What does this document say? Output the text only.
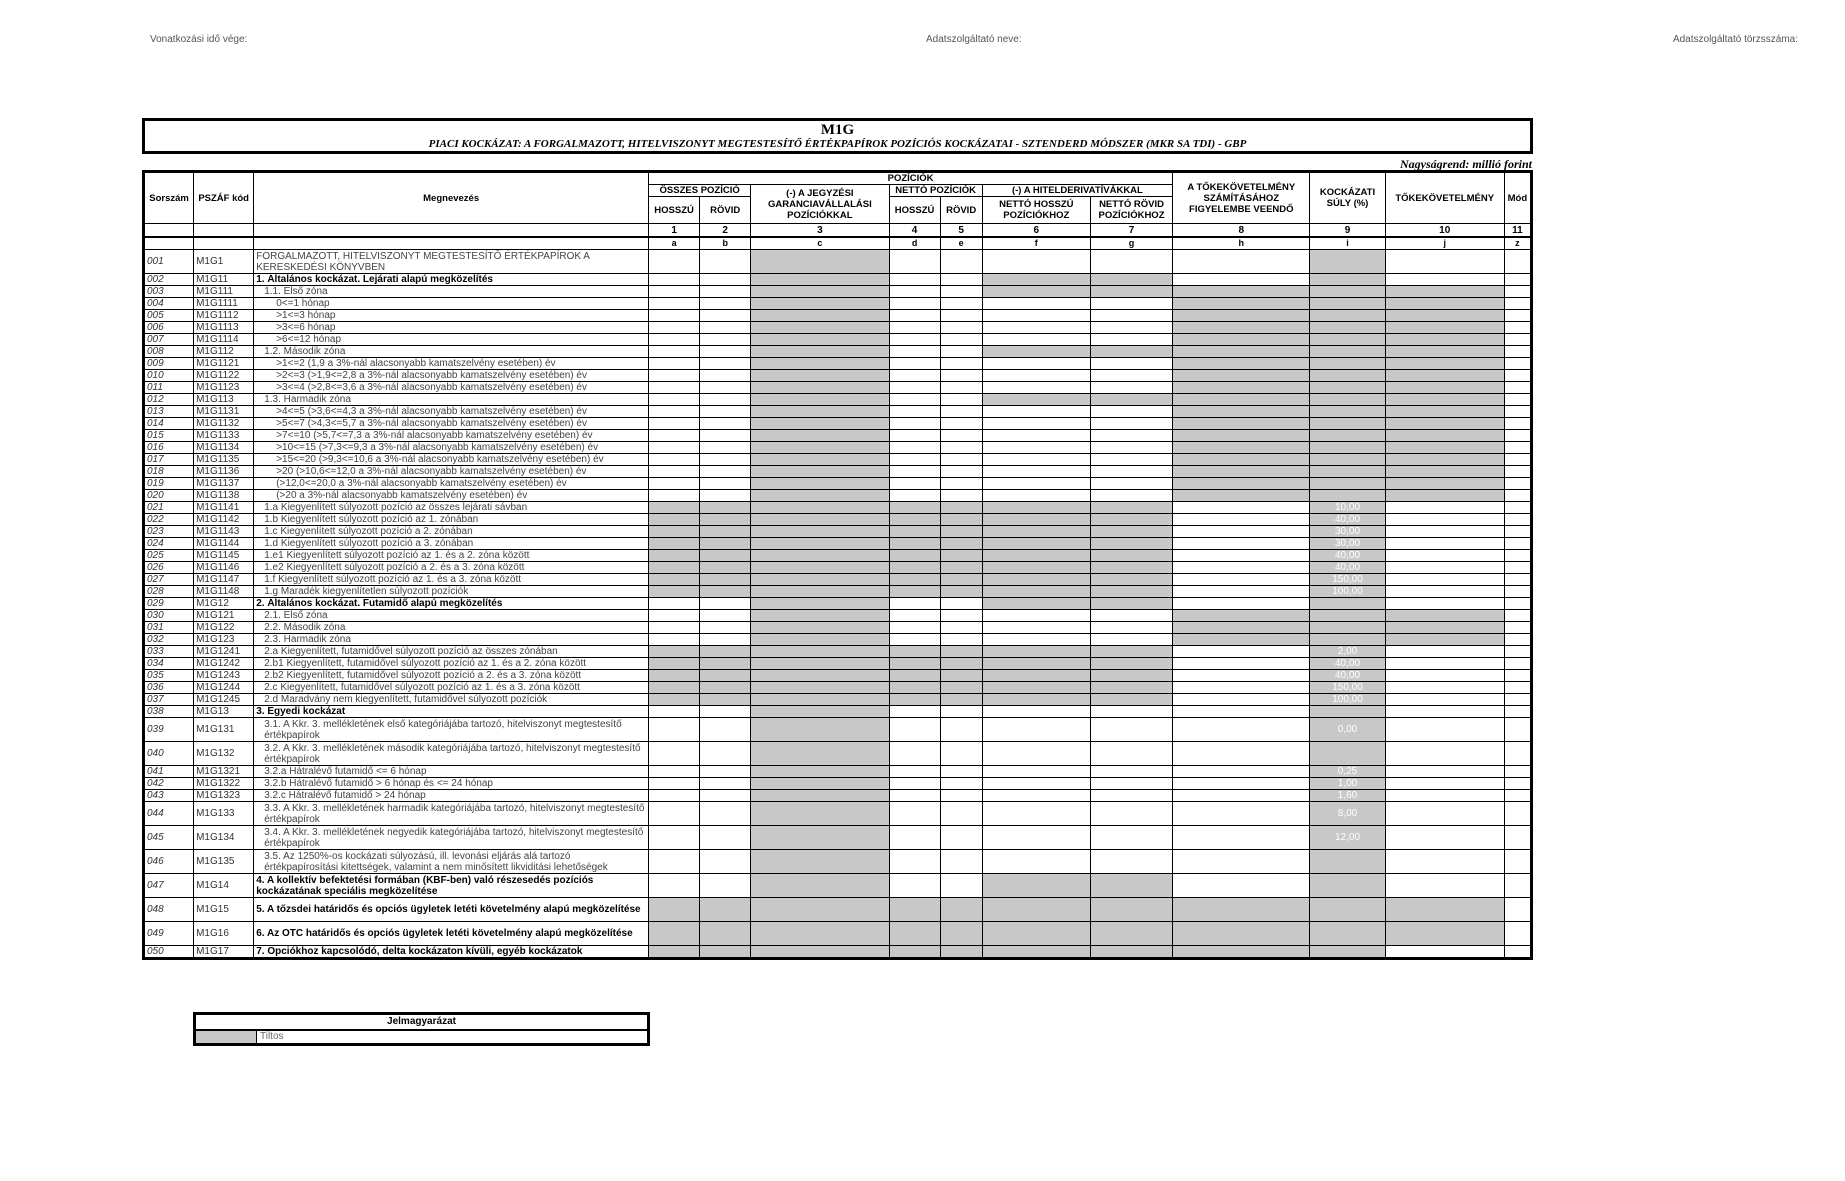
Vonatkozási idő vége:	Adatszolgáltató neve:	Adatszolgáltató törzsszáma:
M1G
PIACI KOCKÁZAT: A FORGALMAZOTT, HITELVISZONYT MEGTESTESÍTŐ ÉRTÉKPAPÍROK POZÍCIÓS KOCKÁZATAI - SZTENDERD MÓDSZER (MKR SA TDI) - GBP
Nagyságrend: millió forint
Sorszám	PSZÁF kód	Megnevezés	POZÍCIÓK							A TŐKEKÖVETELMÉNY SZÁMÍTÁSÁHOZ FIGYELEMBE VEENDŐ	KOCKÁZATI SÚLY (%)	TŐKEKÖVETELMÉNY	Mód
			ÖSSZES POZÍCIÓ		(-) A JEGYZÉSI GARANCIAVÁLLALÁSI POZÍCIÓKKAL	NETTÓ POZÍCIÓK		(-) A HITELDERIVATÍVÁKKAL					
			HOSSZÚ	RÖVID		HOSSZÚ	RÖVID	NETTÓ HOSSZÚ POZÍCIÓKHOZ	NETTÓ RÖVID POZÍCIÓKHOZ				
			1	2	3	4	5	6	7	8	9	10	11
			a	b	c	d	e	f	g	h	i	j	z
001	M1G1	FORGALMAZOTT, HITELVISZONYT MEGTESTESÍTŐ ÉRTÉKPAPÍROK A KERESKEDÉSI KÖNYVBEN											
002	M1G11	1. Általános kockázat. Lejárati alapú megközelítés											
003	M1G111	1.1. Első zóna											
004	M1G1111	0<=1 hónap											
005	M1G1112	>1<=3 hónap											
006	M1G1113	>3<=6 hónap											
007	M1G1114	>6<=12 hónap											
008	M1G112	1.2. Második zóna											
009	M1G1121	>1<=2 (1,9 a 3%-nál alacsonyabb kamatszelvény esetében) év											
010	M1G1122	>2<=3 (>1,9<=2,8 a 3%-nál alacsonyabb kamatszelvény esetében) év											
011	M1G1123	>3<=4 (>2,8<=3,6 a 3%-nál alacsonyabb kamatszelvény esetében) év											
012	M1G113	1.3. Harmadik zóna											
013	M1G1131	>4<=5 (>3,6<=4,3 a 3%-nál alacsonyabb kamatszelvény esetében) év											
014	M1G1132	>5<=7 (>4,3<=5,7 a 3%-nál alacsonyabb kamatszelvény esetében) év											
015	M1G1133	>7<=10 (>5,7<=7,3 a 3%-nál alacsonyabb kamatszelvény esetében) év											
016	M1G1134	>10<=15 (>7,3<=9,3 a 3%-nál alacsonyabb kamatszelvény esetében) év											
017	M1G1135	>15<=20 (>9,3<=10,6 a 3%-nál alacsonyabb kamatszelvény esetében) év											
018	M1G1136	>20 (>10,6<=12,0 a 3%-nál alacsonyabb kamatszelvény esetében) év											
019	M1G1137	(>12,0<=20,0 a 3%-nál alacsonyabb kamatszelvény esetében) év											
020	M1G1138	(>20 a 3%-nál alacsonyabb kamatszelvény esetében) év											
021	M1G1141	1.a Kiegyenlített súlyozott pozíció az összes lejárati sávban									10,00		
022	M1G1142	1.b Kiegyenlített súlyozott pozíció az 1. zónában									40,00		
023	M1G1143	1.c Kiegyenlített súlyozott pozíció a 2. zónában									30,00		
024	M1G1144	1.d Kiegyenlített súlyozott pozíció a 3. zónában									30,00		
025	M1G1145	1.e1 Kiegyenlített súlyozott pozíció az 1. és a 2. zóna között									40,00		
026	M1G1146	1.e2 Kiegyenlített súlyozott pozíció a 2. és a 3. zóna között									40,00		
027	M1G1147	1.f Kiegyenlített súlyozott pozíció az 1. és a 3. zóna között									150,00		
028	M1G1148	1.g Maradék kiegyenlítetlen súlyozott pozíciók									100,00		
029	M1G12	2. Általános kockázat. Futamidő alapú megközelítés											
030	M1G121	2.1. Első zóna											
031	M1G122	2.2. Második zóna											
032	M1G123	2.3. Harmadik zóna											
033	M1G1241	2.a Kiegyenlített, futamidővel súlyozott pozíció az összes zónában									2,00		
034	M1G1242	2.b1 Kiegyenlített, futamidővel súlyozott pozíció az 1. és a 2. zóna között									40,00		
035	M1G1243	2.b2 Kiegyenlített, futamidővel súlyozott pozíció a 2. és a 3. zóna között									40,00		
036	M1G1244	2.c Kiegyenlített, futamidővel súlyozott pozíció az 1. és a 3. zóna között									150,00		
037	M1G1245	2.d Maradvány nem kiegyenlített, futamidővel súlyozott pozíciók									100,00		
038	M1G13	3. Egyedi kockázat											
039	M1G131	3.1. A Kkr. 3. mellékletének első kategóriájába tartozó, hitelviszonyt megtestesítő értékpapírok									0,00		
040	M1G132	3.2. A Kkr. 3. mellékletének második kategóriájába tartozó, hitelviszonyt megtestesítő értékpapírok											
041	M1G1321	3.2.a Hátralévő futamidő <= 6 hónap									0,25		
042	M1G1322	3.2.b Hátralévő futamidő > 6 hónap és <= 24 hónap									1,00		
043	M1G1323	3.2.c Hátralévő futamidő > 24 hónap									1,60		
044	M1G133	3.3. A Kkr. 3. mellékletének harmadik kategóriájába tartozó, hitelviszonyt megtestesítő értékpapírok									8,00		
045	M1G134	3.4. A Kkr. 3. mellékletének negyedik kategóriájába tartozó, hitelviszonyt megtestesítő értékpapírok									12,00		
046	M1G135	3.5. Az 1250%-os kockázati súlyozású, ill. levonási eljárás alá tartozó értékpapírosítási kitettségek, valamint a nem minősített likviditási lehetőségek											
047	M1G14	4. A kollektív befektetési formában (KBF-ben) való részesedés pozíciós kockázatának speciális megközelítése											
048	M1G15	5. A tőzsdei határidős és opciós ügyletek letéti követelmény alapú megközelítése											
049	M1G16	6. Az OTC határidős és opciós ügyletek letéti követelmény alapú megközelítése											
050	M1G17	7. Opciókhoz kapcsolódó, delta kockázaton kívüli, egyéb kockázatok											
Jelmagyarázat
Tiltos
